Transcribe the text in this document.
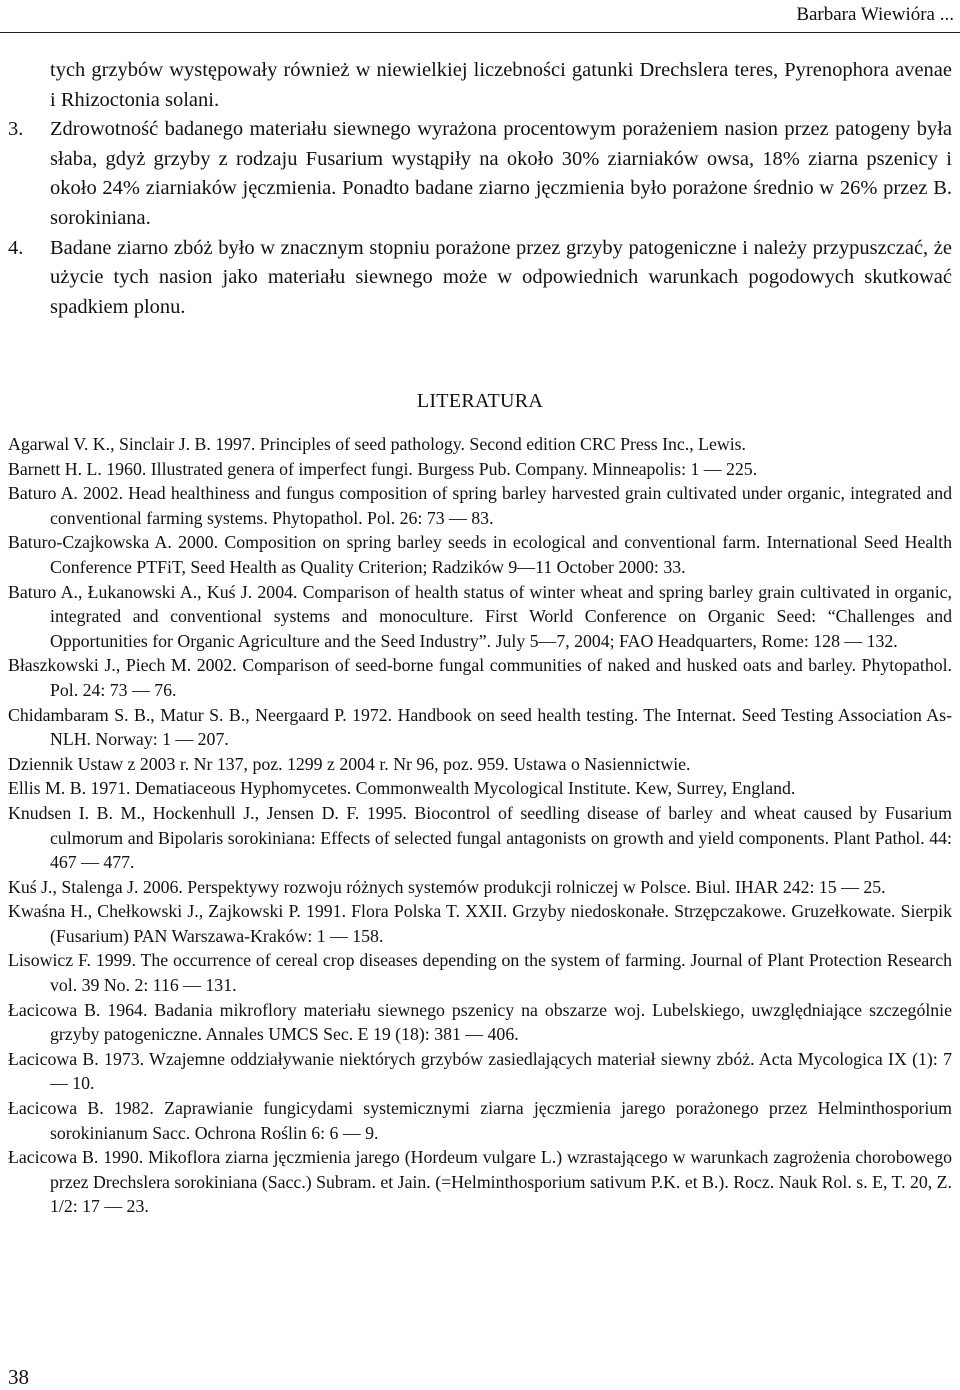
Barbara Wiewióra ...

tych grzybów występowały również w niewielkiej liczebności gatunki Drechslera teres, Pyrenophora avenae i Rhizoctonia solani.

3. Zdrowotność badanego materiału siewnego wyrażona procentowym porażeniem nasion przez patogeny była słaba, gdyż grzyby z rodzaju Fusarium wystąpiły na około 30% ziarniaków owsa, 18% ziarna pszenicy i około 24% ziarniaków jęczmienia. Ponadto badane ziarno jęczmienia było porażone średnio w 26% przez B. sorokiniana.

4. Badane ziarno zbóż było w znacznym stopniu porażone przez grzyby patogeniczne i należy przypuszczać, że użycie tych nasion jako materiału siewnego może w odpowiednich warunkach pogodowych skutkować spadkiem plonu.

LITERATURA
Agarwal V. K., Sinclair J. B. 1997. Principles of seed pathology. Second edition CRC Press Inc., Lewis.
Barnett H. L. 1960. Illustrated genera of imperfect fungi. Burgess Pub. Company. Minneapolis: 1 — 225.
Baturo A. 2002. Head healthiness and fungus composition of spring barley harvested grain cultivated under organic, integrated and conventional farming systems. Phytopathol. Pol. 26: 73 — 83.
Baturo-Czajkowska A. 2000. Composition on spring barley seeds in ecological and conventional farm. International Seed Health Conference PTFiT, Seed Health as Quality Criterion; Radzików 9—11 October 2000: 33.
Baturo A., Łukanowski A., Kuś J. 2004. Comparison of health status of winter wheat and spring barley grain cultivated in organic, integrated and conventional systems and monoculture. First World Conference on Organic Seed: “Challenges and Opportunities for Organic Agriculture and the Seed Industry”. July 5—7, 2004; FAO Headquarters, Rome: 128 — 132.
Błaszkowski J., Piech M. 2002. Comparison of seed-borne fungal communities of naked and husked oats and barley. Phytopathol. Pol. 24: 73 — 76.
Chidambaram S. B., Matur S. B., Neergaard P. 1972. Handbook on seed health testing. The Internat. Seed Testing Association As-NLH. Norway: 1 — 207.
Dziennik Ustaw z 2003 r. Nr 137, poz. 1299 z 2004 r. Nr 96, poz. 959. Ustawa o Nasiennictwie.
Ellis M. B. 1971. Dematiaceous Hyphomycetes. Commonwealth Mycological Institute. Kew, Surrey, England.
Knudsen I. B. M., Hockenhull J., Jensen D. F. 1995. Biocontrol of seedling disease of barley and wheat caused by Fusarium culmorum and Bipolaris sorokiniana: Effects of selected fungal antagonists on growth and yield components. Plant Pathol. 44: 467 — 477.
Kuś J., Stalenga J. 2006. Perspektywy rozwoju różnych systemów produkcji rolniczej w Polsce. Biul. IHAR 242: 15 — 25.
Kwaśna H., Chełkowski J., Zajkowski P. 1991. Flora Polska T. XXII. Grzyby niedoskonałe. Strzępczakowe. Gruzełkowate. Sierpik (Fusarium) PAN Warszawa-Kraków: 1 — 158.
Lisowicz F. 1999. The occurrence of cereal crop diseases depending on the system of farming. Journal of Plant Protection Research vol. 39 No. 2: 116 — 131.
Łacicowa B. 1964. Badania mikroflory materiału siewnego pszenicy na obszarze woj. Lubelskiego, uwzględniające szczególnie grzyby patogeniczne. Annales UMCS Sec. E 19 (18): 381 — 406.
Łacicowa B. 1973. Wzajemne oddziaływanie niektórych grzybów zasiedlających materiał siewny zbóż. Acta Mycologica IX (1): 7 — 10.
Łacicowa B. 1982. Zaprawianie fungicydami systemicznymi ziarna jęczmienia jarego porażonego przez Helminthosporium sorokinianum Sacc. Ochrona Roślin 6: 6 — 9.
Łacicowa B. 1990. Mikoflora ziarna jęczmienia jarego (Hordeum vulgare L.) wzrastającego w warunkach zagrożenia chorobowego przez Drechslera sorokiniana (Sacc.) Subram. et Jain. (=Helminthosporium sativum P.K. et B.). Rocz. Nauk Rol. s. E, T. 20, Z. 1/2: 17 — 23.
38
